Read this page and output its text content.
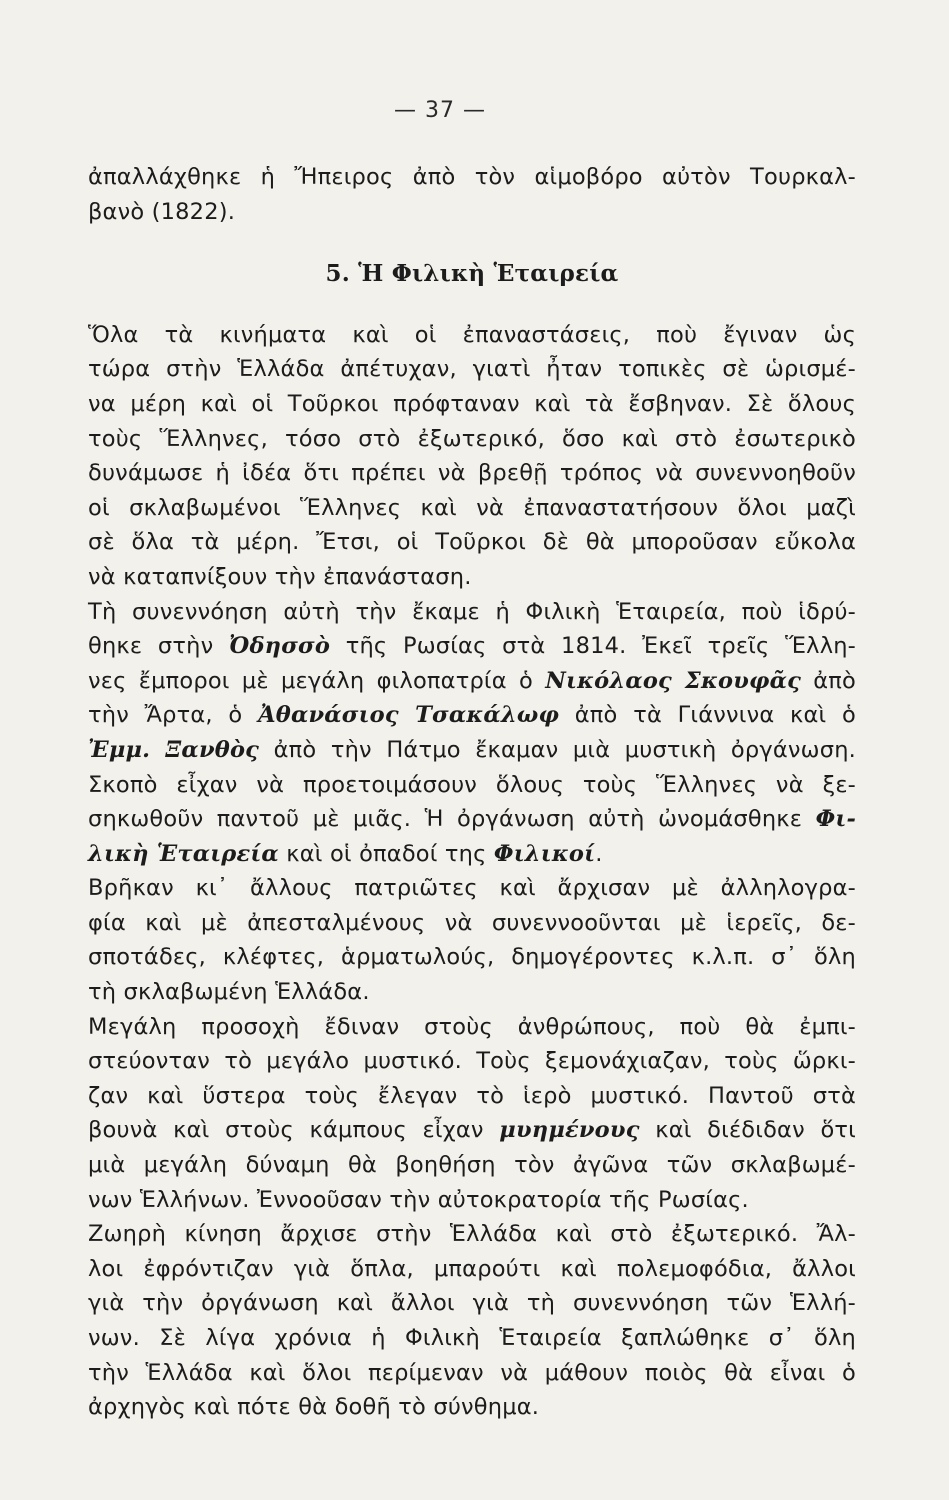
— 37 —

ἀπαλλάχθηκε ἡ Ἤπειρος ἀπὸ τὸν αἱμοβόρο αὐτὸν Τουρκαλ-
βανὸ (1822).

5. Ἡ Φιλικὴ Ἑταιρεία

Ὅλα τὰ κινήματα καὶ οἱ ἐπαναστάσεις, ποὺ ἔγιναν ὡς
τώρα στὴν Ἑλλάδα ἀπέτυχαν, γιατὶ ἦταν τοπικὲς σὲ ὡρισμέ-
να μέρη καὶ οἱ Τοῦρκοι πρόφταναν καὶ τὰ ἔσβηναν. Σὲ ὅλους
τοὺς Ἕλληνες, τόσο στὸ ἐξωτερικό, ὅσο καὶ στὸ ἐσωτερικὸ
δυνάμωσε ἡ ἰδέα ὅτι πρέπει νὰ βρεθῇ τρόπος νὰ συνεννοηθοῦν
οἱ σκλαβωμένοι Ἕλληνες καὶ νὰ ἐπαναστατήσουν ὅλοι μαζὶ
σὲ ὅλα τὰ μέρη. Ἔτσι, οἱ Τοῦρκοι δὲ θὰ μποροῦσαν εὔκολα
νὰ καταπνίξουν τὴν ἐπανάσταση.

Τὴ συνεννόηση αὐτὴ τὴν ἔκαμε ἡ Φιλικὴ Ἑταιρεία, ποὺ ἱδρύ-
θηκε στὴν Ὀδησσὸ τῆς Ρωσίας στὰ 1814. Ἐκεῖ τρεῖς Ἕλλη-
νες ἔμποροι μὲ μεγάλη φιλοπατρία ὁ Νικόλαος Σκουφᾶς ἀπὸ
τὴν Ἄρτα, ὁ Ἀθανάσιος Τσακάλωφ ἀπὸ τὰ Γιάννινα καὶ ὁ
Ἐμμ. Ξανθὸς ἀπὸ τὴν Πάτμο ἔκαμαν μιὰ μυστικὴ ὀργάνωση.
Σκοπὸ εἶχαν νὰ προετοιμάσουν ὅλους τοὺς Ἕλληνες νὰ ξε-
σηκωθοῦν παντοῦ μὲ μιᾶς. Ἡ ὀργάνωση αὐτὴ ὠνομάσθηκε Φι-
λικὴ Ἑταιρεία καὶ οἱ ὀπαδοί της Φιλικοί.

Βρῆκαν κι᾿ ἄλλους πατριῶτες καὶ ἄρχισαν μὲ ἀλληλογρα-
φία καὶ μὲ ἀπεσταλμένους νὰ συνεννοοῦνται μὲ ἱερεῖς, δε-
σποτάδες, κλέφτες, ἁρματωλούς, δημογέροντες κ.λ.π. σ᾿ ὅλη
τὴ σκλαβωμένη Ἑλλάδα.

Μεγάλη προσοχὴ ἔδιναν στοὺς ἀνθρώπους, ποὺ θὰ ἐμπι-
στεύονταν τὸ μεγάλο μυστικό. Τοὺς ξεμονάχιαζαν, τοὺς ὥρκι-
ζαν καὶ ὕστερα τοὺς ἔλεγαν τὸ ἱερὸ μυστικό. Παντοῦ στὰ
βουνὰ καὶ στοὺς κάμπους εἶχαν μυημένους καὶ διέδιδαν ὅτι
μιὰ μεγάλη δύναμη θὰ βοηθήση τὸν ἀγῶνα τῶν σκλαβωμέ-
νων Ἑλλήνων. Ἐννοοῦσαν τὴν αὐτοκρατορία τῆς Ρωσίας.

Ζωηρὴ κίνηση ἄρχισε στὴν Ἑλλάδα καὶ στὸ ἐξωτερικό. Ἄλ-
λοι ἐφρόντιζαν γιὰ ὅπλα, μπαρούτι καὶ πολεμοφόδια, ἄλλοι
γιὰ τὴν ὀργάνωση καὶ ἄλλοι γιὰ τὴ συνεννόηση τῶν Ἑλλή-
νων. Σὲ λίγα χρόνια ἡ Φιλικὴ Ἑταιρεία ξαπλώθηκε σ᾿ ὅλη
τὴν Ἑλλάδα καὶ ὅλοι περίμεναν νὰ μάθουν ποιὸς θὰ εἶναι ὁ
ἀρχηγὸς καὶ πότε θὰ δοθῆ τὸ σύνθημα.
